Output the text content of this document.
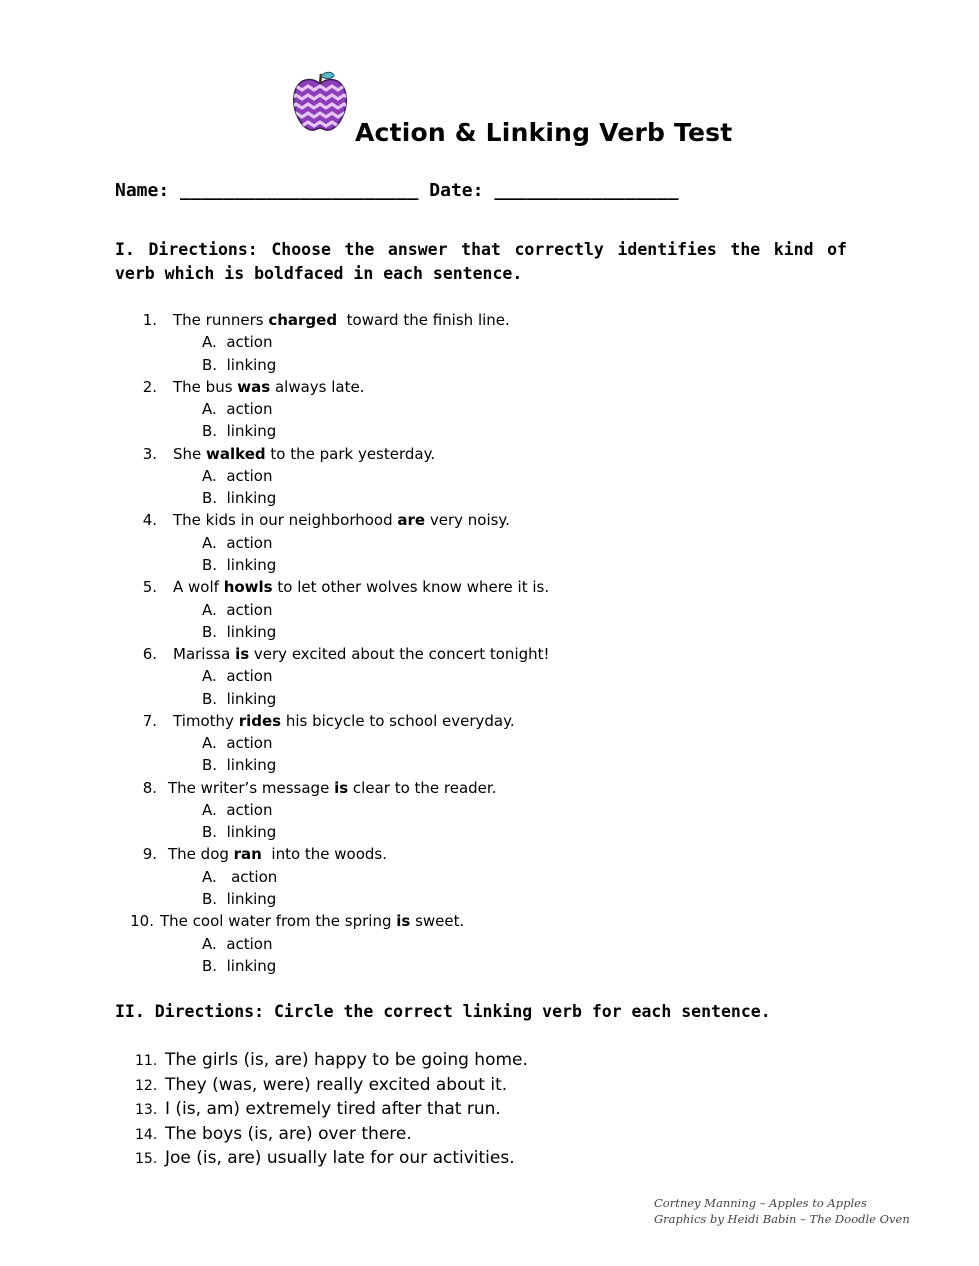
Action & Linking Verb Test
Name: ______________________ Date: _________________
I. Directions: Choose the answer that correctly identifies the kind of verb which is boldfaced in each sentence.
1. The runners charged  toward the finish line.
A.  action
B.  linking
2. The bus was always late.
A.  action
B.  linking
3. She walked to the park yesterday.
A.  action
B.  linking
4. The kids in our neighborhood are very noisy.
A.  action
B.  linking
5. A wolf howls to let other wolves know where it is.
A.  action
B.  linking
6. Marissa is very excited about the concert tonight!
A.  action
B.  linking
7. Timothy rides his bicycle to school everyday.
A.  action
B.  linking
8. The writer’s message is clear to the reader.
A.  action
B.  linking
9. The dog ran  into the woods.
A.   action
B.  linking
10. The cool water from the spring is sweet.
A.  action
B.  linking
II. Directions: Circle the correct linking verb for each sentence.
11. The girls (is, are) happy to be going home.
12. They (was, were) really excited about it.
13. I (is, am) extremely tired after that run.
14. The boys (is, are) over there.
15. Joe (is, are) usually late for our activities.
Cortney Manning – Apples to Apples
Graphics by Heidi Babin – The Doodle Oven
